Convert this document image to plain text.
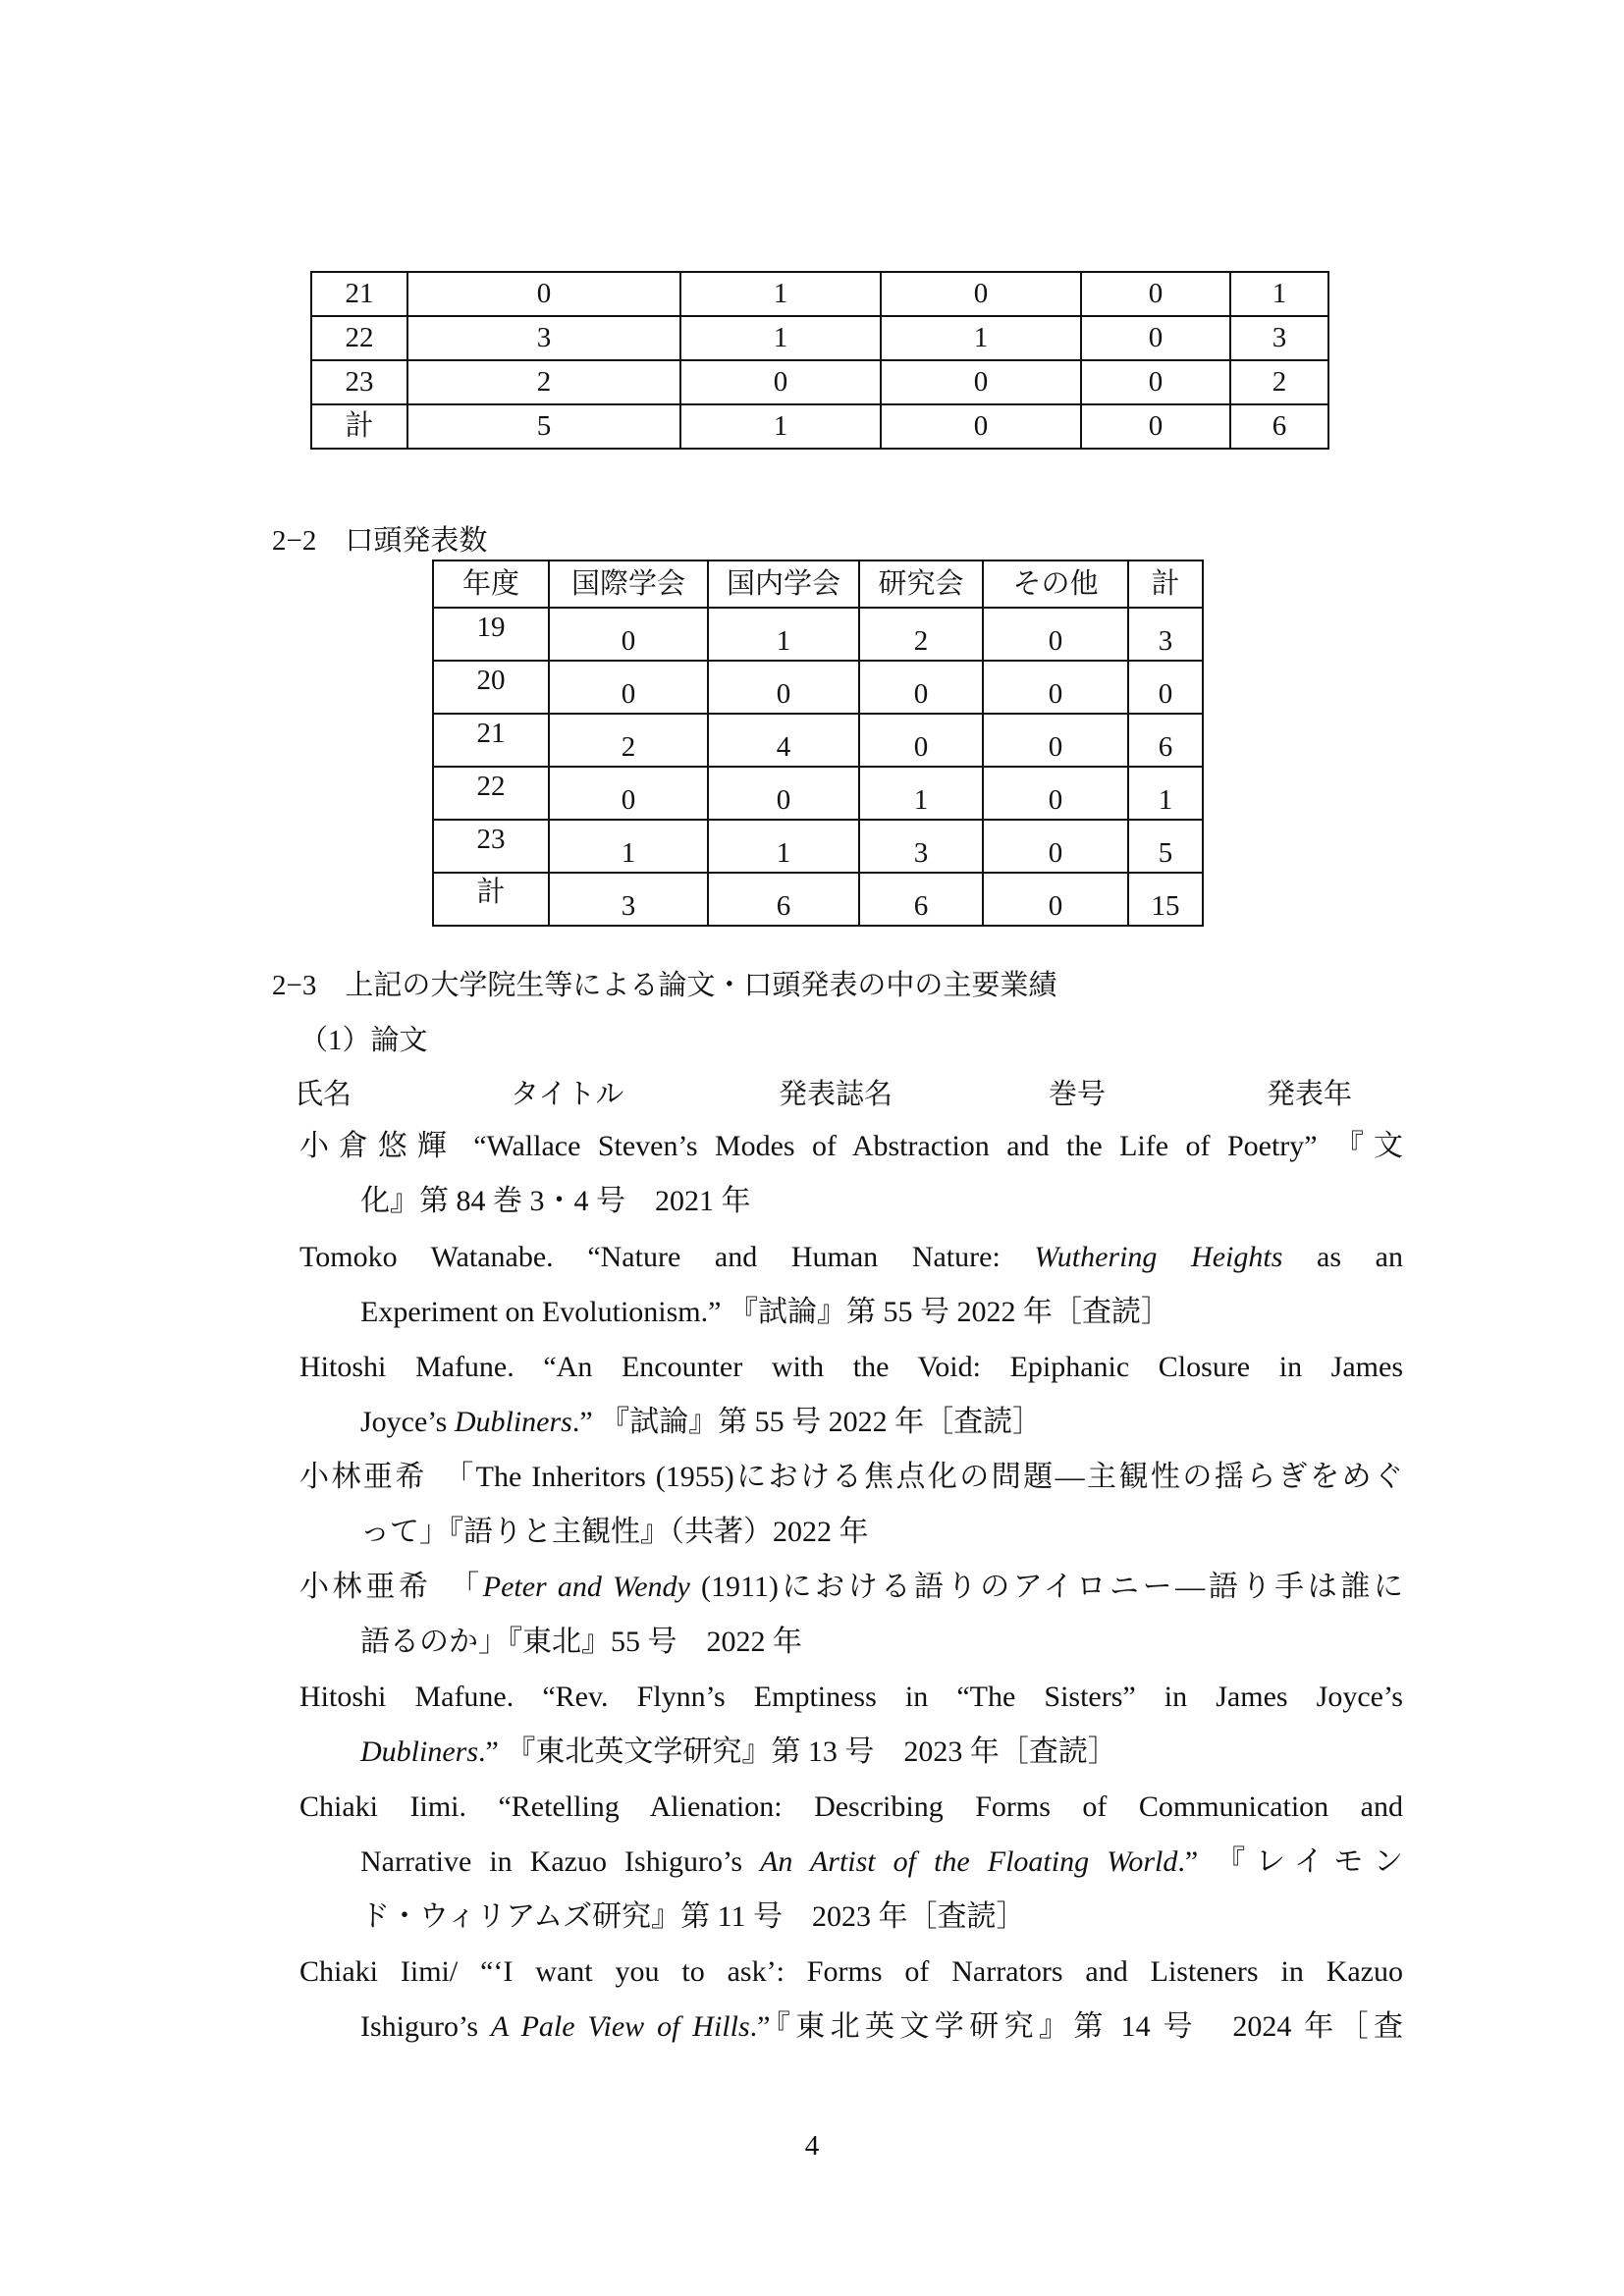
21	0	1	0	0	1
22	3	1	1	0	3
23	2	0	0	0	2
計	5	1	0	0	6
2−2　口頭発表数
年度	国際学会	国内学会	研究会	その他	計
19	0	1	2	0	3
20	0	0	0	0	0
21	2	4	0	0	6
22	0	0	1	0	1
23	1	1	3	0	5
計	3	6	6	0	15
2−3　上記の大学院生等による論文・口頭発表の中の主要業績
（1）論文
氏名	タイトル	発表誌名	巻号	発表年
小倉悠輝 “Wallace Steven’s Modes of Abstraction and the Life of Poetry” 『文
化』第 84 巻 3・4 号　2021 年
Tomoko Watanabe. “Nature and Human Nature: Wuthering Heights as an
Experiment on Evolutionism.” 『試論』第 55 号 2022 年［査読］
Hitoshi Mafune. “An Encounter with the Void: Epiphanic Closure in James
Joyce’s Dubliners.” 『試論』第 55 号 2022 年［査読］
小林亜希　「The Inheritors (1955)における焦点化の問題—主観性の揺らぎをめぐ
って」『語りと主観性』（共著）2022 年
小林亜希　「Peter and Wendy (1911)における語りのアイロニー—語り手は誰に
語るのか」『東北』55 号　2022 年
Hitoshi Mafune. “Rev. Flynn’s Emptiness in “The Sisters” in James Joyce’s
Dubliners.” 『東北英文学研究』第 13 号　2023 年［査読］
Chiaki Iimi. “Retelling Alienation: Describing Forms of Communication and
Narrative in Kazuo Ishiguro’s An Artist of the Floating World.” 『レイモン
ド・ウィリアムズ研究』第 11 号　2023 年［査読］
Chiaki Iimi/ “‘I want you to ask’: Forms of Narrators and Listeners in Kazuo
Ishiguro’s A Pale View of Hills.”『東北英文学研究』第 14 号　2024 年［査
4
